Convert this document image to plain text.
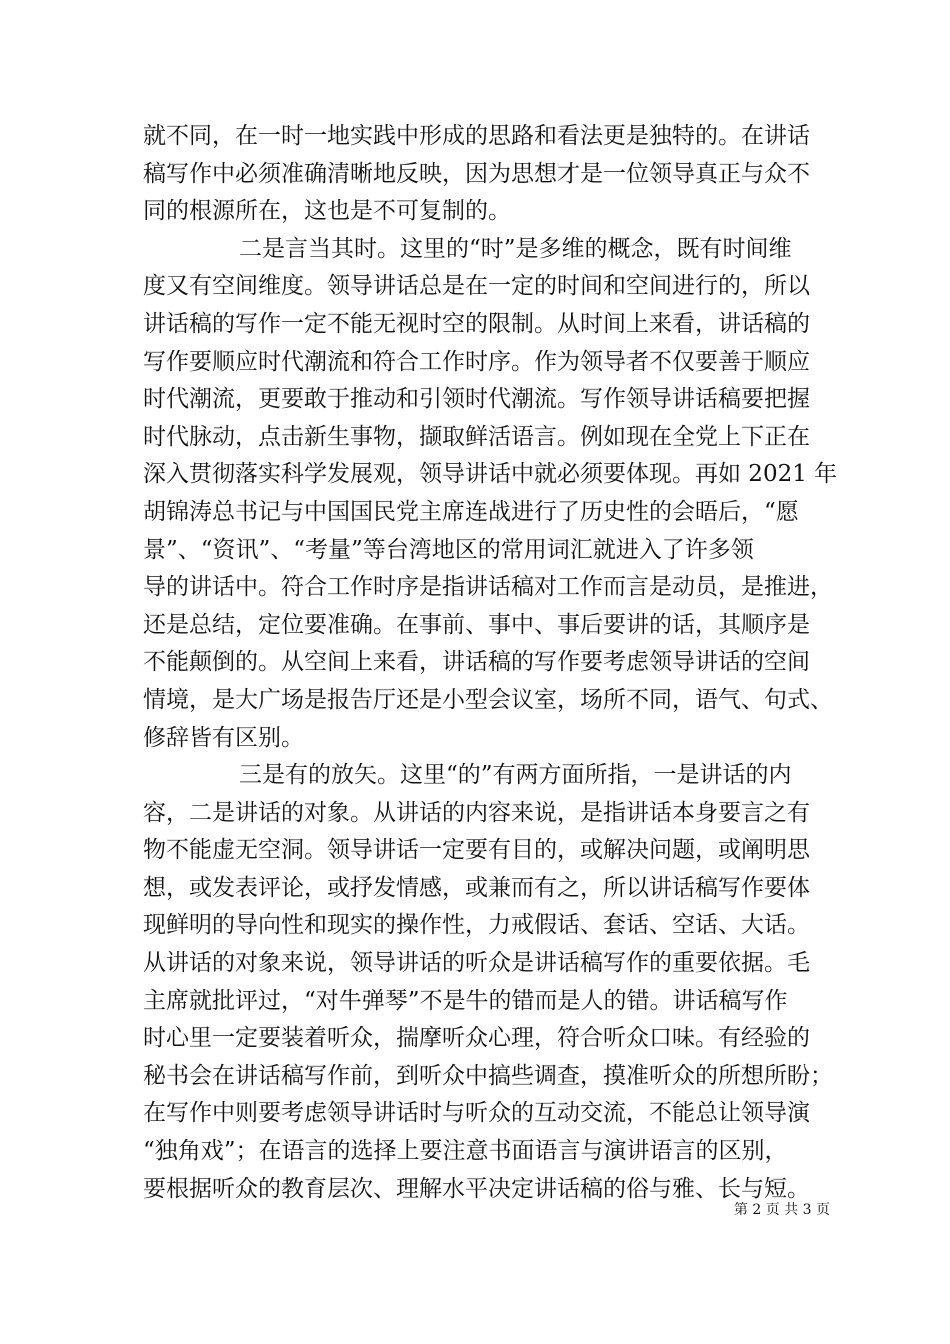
就不同，在一时一地实践中形成的思路和看法更是独特的。在讲话
稿写作中必须准确清晰地反映，因为思想才是一位领导真正与众不
同的根源所在，这也是不可复制的。
二是言当其时。这里的“时”是多维的概念，既有时间维
度又有空间维度。领导讲话总是在一定的时间和空间进行的，所以
讲话稿的写作一定不能无视时空的限制。从时间上来看，讲话稿的
写作要顺应时代潮流和符合工作时序。作为领导者不仅要善于顺应
时代潮流，更要敢于推动和引领时代潮流。写作领导讲话稿要把握
时代脉动，点击新生事物，撷取鲜活语言。例如现在全党上下正在
深入贯彻落实科学发展观，领导讲话中就必须要体现。再如 2021 年
胡锦涛总书记与中国国民党主席连战进行了历史性的会晤后，“愿
景”、“资讯”、“考量”等台湾地区的常用词汇就进入了许多领
导的讲话中。符合工作时序是指讲话稿对工作而言是动员，是推进，
还是总结，定位要准确。在事前、事中、事后要讲的话，其顺序是
不能颠倒的。从空间上来看，讲话稿的写作要考虑领导讲话的空间
情境，是大广场是报告厅还是小型会议室，场所不同，语气、句式、
修辞皆有区别。
三是有的放矢。这里“的”有两方面所指，一是讲话的内
容，二是讲话的对象。从讲话的内容来说，是指讲话本身要言之有
物不能虚无空洞。领导讲话一定要有目的，或解决问题，或阐明思
想，或发表评论，或抒发情感，或兼而有之，所以讲话稿写作要体
现鲜明的导向性和现实的操作性，力戒假话、套话、空话、大话。
从讲话的对象来说，领导讲话的听众是讲话稿写作的重要依据。毛
主席就批评过，“对牛弹琴”不是牛的错而是人的错。讲话稿写作
时心里一定要装着听众，揣摩听众心理，符合听众口味。有经验的
秘书会在讲话稿写作前，到听众中搞些调查，摸准听众的所想所盼；
在写作中则要考虑领导讲话时与听众的互动交流，不能总让领导演
“独角戏”；在语言的选择上要注意书面语言与演讲语言的区别，
要根据听众的教育层次、理解水平决定讲话稿的俗与雅、长与短。
第 2 页 共 3 页
